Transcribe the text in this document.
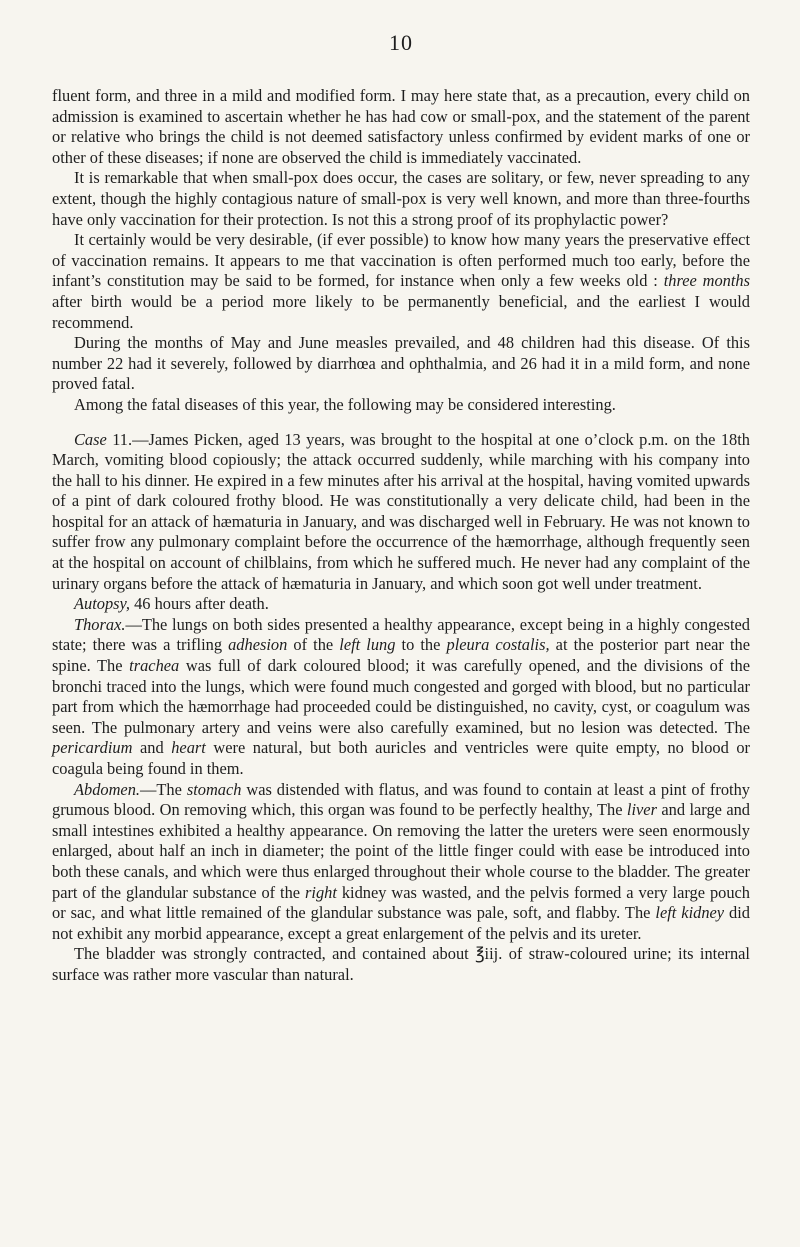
10

fluent form, and three in a mild and modified form. I may here state that, as a precaution, every child on admission is examined to ascertain whether he has had cow or small-pox, and the statement of the parent or relative who brings the child is not deemed satisfactory unless confirmed by evident marks of one or other of these diseases; if none are observed the child is immediately vaccinated.

It is remarkable that when small-pox does occur, the cases are solitary, or few, never spreading to any extent, though the highly contagious nature of small-pox is very well known, and more than three-fourths have only vaccination for their protection. Is not this a strong proof of its prophylactic power?

It certainly would be very desirable, (if ever possible) to know how many years the preservative effect of vaccination remains. It appears to me that vaccination is often performed much too early, before the infant’s constitution may be said to be formed, for instance when only a few weeks old : three months after birth would be a period more likely to be permanently beneficial, and the earliest I would recommend.

During the months of May and June measles prevailed, and 48 children had this disease. Of this number 22 had it severely, followed by diarrhœa and ophthalmia, and 26 had it in a mild form, and none proved fatal.

Among the fatal diseases of this year, the following may be considered interesting.

Case 11.—James Picken, aged 13 years, was brought to the hospital at one o’clock p.m. on the 18th March, vomiting blood copiously; the attack occurred suddenly, while marching with his company into the hall to his dinner. He expired in a few minutes after his arrival at the hospital, having vomited upwards of a pint of dark coloured frothy blood. He was constitutionally a very delicate child, had been in the hospital for an attack of hæmaturia in January, and was discharged well in February. He was not known to suffer frow any pulmonary complaint before the occurrence of the hæmorrhage, although frequently seen at the hospital on account of chilblains, from which he suffered much. He never had any complaint of the urinary organs before the attack of hæmaturia in January, and which soon got well under treatment.

Autopsy, 46 hours after death.

Thorax.—The lungs on both sides presented a healthy appearance, except being in a highly congested state; there was a trifling adhesion of the left lung to the pleura costalis, at the posterior part near the spine. The trachea was full of dark coloured blood; it was carefully opened, and the divisions of the bronchi traced into the lungs, which were found much congested and gorged with blood, but no particular part from which the hæmorrhage had proceeded could be distinguished, no cavity, cyst, or coagulum was seen. The pulmonary artery and veins were also carefully examined, but no lesion was detected. The pericardium and heart were natural, but both auricles and ventricles were quite empty, no blood or coagula being found in them.

Abdomen.—The stomach was distended with flatus, and was found to contain at least a pint of frothy grumous blood. On removing which, this organ was found to be perfectly healthy, The liver and large and small intestines exhibited a healthy appearance. On removing the latter the ureters were seen enormously enlarged, about half an inch in diameter; the point of the little finger could with ease be introduced into both these canals, and which were thus enlarged throughout their whole course to the bladder. The greater part of the glandular substance of the right kidney was wasted, and the pelvis formed a very large pouch or sac, and what little remained of the glandular substance was pale, soft, and flabby. The left kidney did not exhibit any morbid appearance, except a great enlargement of the pelvis and its ureter.

The bladder was strongly contracted, and contained about ℥iij. of straw-coloured urine; its internal surface was rather more vascular than natural.
